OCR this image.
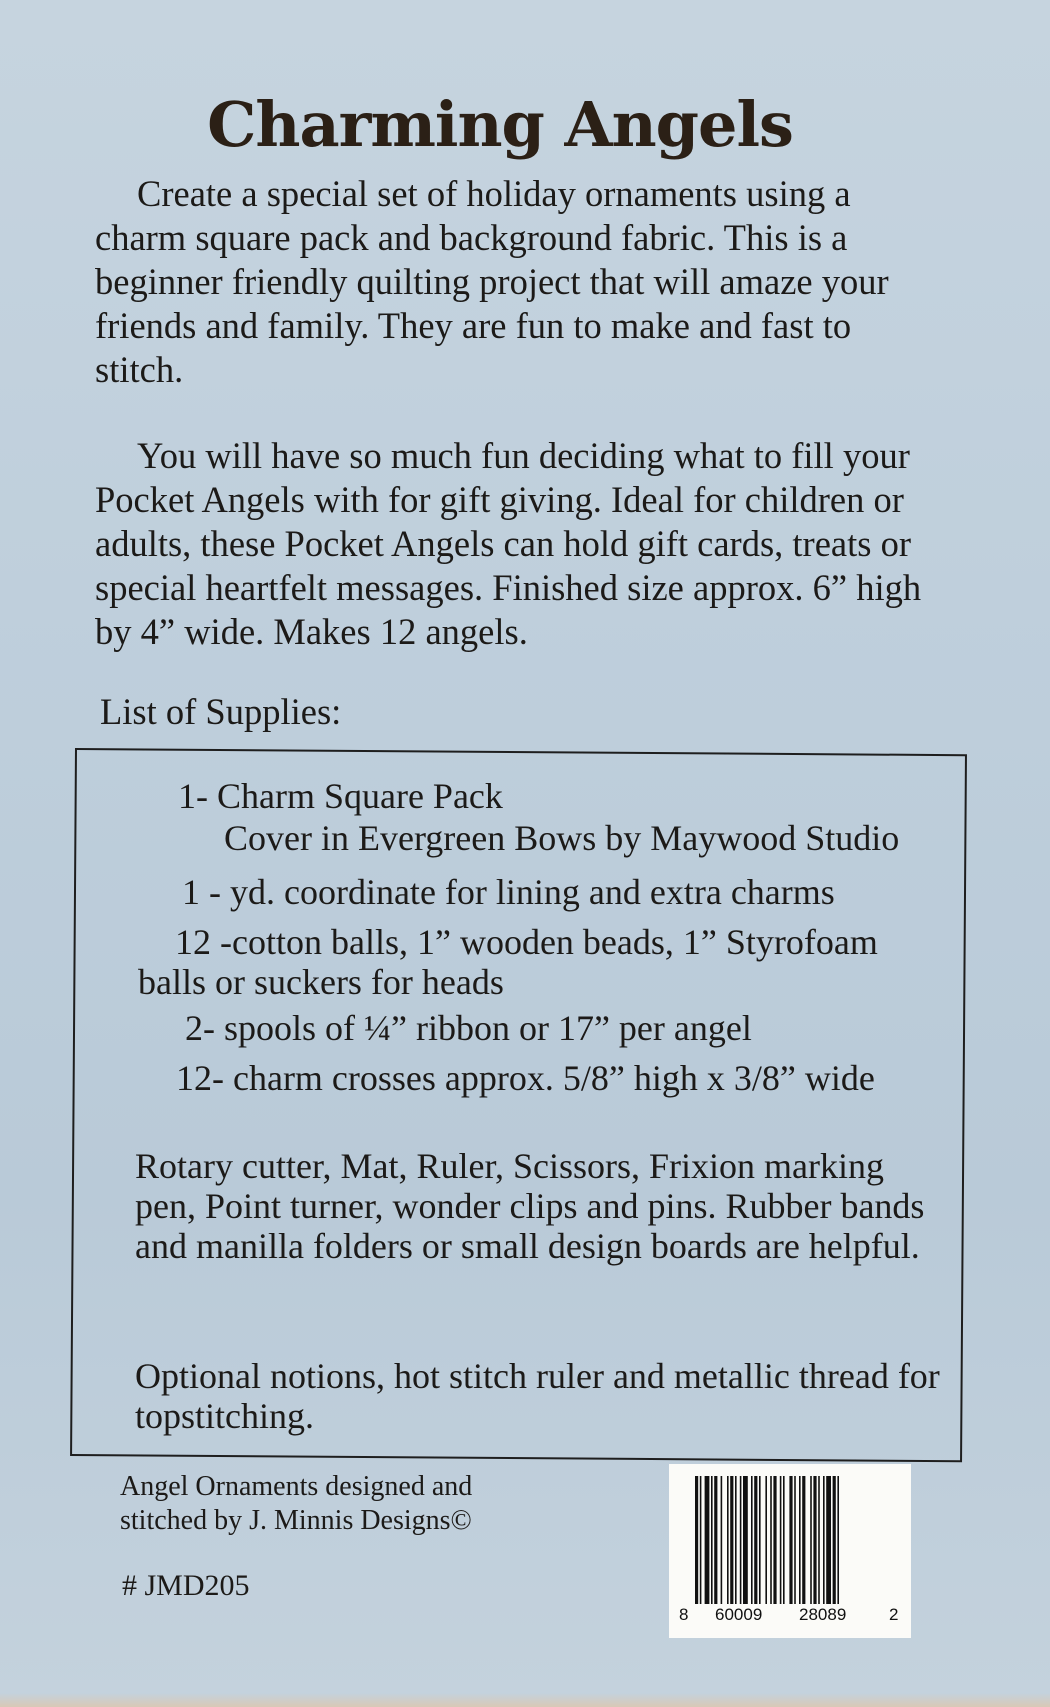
Charming Angels

Create a special set of holiday ornaments using a charm square pack and background fabric. This is a beginner friendly quilting project that will amaze your friends and family. They are fun to make and fast to stitch.

You will have so much fun deciding what to fill your Pocket Angels with for gift giving. Ideal for children or adults, these Pocket Angels can hold gift cards, treats or special heartfelt messages. Finished size approx. 6” high by 4” wide. Makes 12 angels.

List of Supplies:

1- Charm Square Pack

Cover in Evergreen Bows by Maywood Studio

1 - yd. coordinate for lining and extra charms

12 -cotton balls, 1” wooden beads, 1” Styrofoam

balls or suckers for heads

2- spools of ¼” ribbon or 17” per angel

12- charm crosses approx. 5/8” high x 3/8” wide

Rotary cutter, Mat, Ruler, Scissors, Frixion marking pen, Point turner, wonder clips and pins. Rubber bands and manilla folders or small design boards are helpful.

Optional notions, hot stitch ruler and metallic thread for topstitching.

Angel Ornaments designed and stitched by J. Minnis Designs©

# JMD205

8 60009 28089	2
